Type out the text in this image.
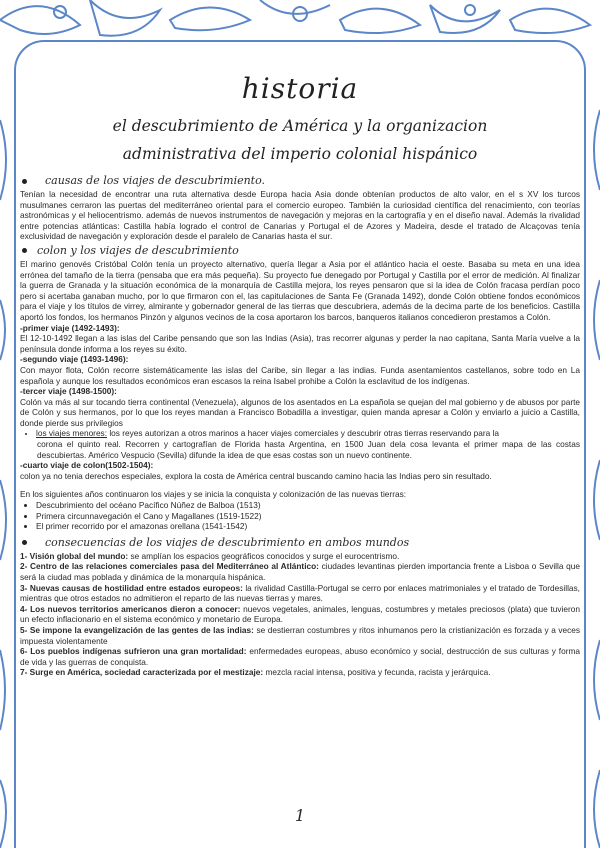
historia
el descubrimiento de América y la organizacion
administrativa del imperio colonial hispánico
causas de los viajes de descubrimiento.

Tenían la necesidad de encontrar una ruta alternativa desde Europa hacia Asia donde obtenían productos de alto valor, en el s XV los turcos musulmanes cerraron las puertas del mediterráneo oriental para el comercio europeo. También la curiosidad científica del renacimiento, con teorías astronómicas y el heliocentrismo. además de nuevos instrumentos de navegación y mejoras en la cartografía y en el diseño naval. Además la rivalidad entre potencias atlánticas: Castilla había logrado el control de Canarias y Portugal el de Azores y Madeira, desde el tratado de Alcaçovas tenía exclusividad de navegación y exploración desde el paralelo de Canarias hasta el sur.

colon y los viajes de descubrimiento

El marino genovés Cristóbal Colón tenía un proyecto alternativo, quería llegar a Asia por el atlántico hacia el oeste. Basaba su meta en una idea errónea del tamaño de la tierra (pensaba que era más pequeña). Su proyecto fue denegado por Portugal y Castilla por el error de medición. Al finalizar la guerra de Granada y la situación económica de la monarquía de Castilla mejora, los reyes pensaron que si la idea de Colón fracasa perdían poco pero si acertaba ganaban mucho, por lo que firmaron con el, las capitulaciones de Santa Fe (Granada 1492), donde Colón obtiene fondos económicos para el viaje y los títulos de virrey, almirante y gobernador general de las tierras que descubriera, además de la decima parte de los beneficios. Castilla aportó los fondos, los hermanos Pinzón y algunos vecinos de la cosa aportaron los barcos, banqueros italianos concedieron prestamos a Colón.

-primer viaje (1492-1493):

El 12-10-1492 llegan a las islas del Caribe pensando que son las Indias (Asia), tras recorrer algunas y perder la nao capitana, Santa María vuelve a la península donde informa a los reyes su éxito.

-segundo viaje (1493-1496):

Con mayor flota, Colón recorre sistemáticamente las islas del Caribe, sin llegar a las indias. Funda asentamientos castellanos, sobre todo en La española y aunque los resultados económicos eran escasos la reina Isabel prohibe a Colón la esclavitud de los indígenas.

-tercer viaje (1498-1500):

Colón va más al sur tocando tierra continental (Venezuela), algunos de los asentados en La española se quejan del mal gobierno y de abusos por parte de Colón y sus hermanos, por lo que los reyes mandan a Francisco Bobadilla a investigar, quien manda apresar a Colón y enviarlo a juicio a Castilla, donde pierde sus privilegios

• los viajes menores: los reyes autorizan a otros marinos a hacer viajes comerciales y descubrir otras tierras reservando para la

corona el quinto real. Recorren y cartografían de Florida hasta Argentina, en 1500 Juan dela cosa levanta el primer mapa de las costas descubiertas. Américo Vespucio (Sevilla) difunde la idea de que esas costas son un nuevo continente.

-cuarto viaje de colon(1502-1504):

colon ya no tenia derechos especiales, explora la costa de América central buscando camino hacia las Indias pero sin resultado.

En los siguientes años continuaron los viajes y se inicia la conquista y colonización de las nuevas tierras:

• Descubrimiento del océano Pacífico Núñez de Balboa (1513)
• Primera circunnavegación el Cano y Magallanes (1519-1522)
• El primer recorrido por el amazonas orellana (1541-1542)
consecuencias de los viajes de descubrimiento en ambos mundos

1- Visión global del mundo: se amplían los espacios geográficos conocidos y surge el eurocentrismo.

2- Centro de las relaciones comerciales pasa del Mediterráneo al Atlántico: ciudades levantinas pierden importancia frente a Lisboa o Sevilla que será la ciudad mas poblada y dinámica de la monarquía hispánica.

3- Nuevas causas de hostilidad entre estados europeos: la rivalidad Castilla-Portugal se cerro por enlaces matrimoniales y el tratado de Tordesillas, mientras que otros estados no admitieron el reparto de las nuevas tierras y mares.

4- Los nuevos territorios americanos dieron a conocer: nuevos vegetales, animales, lenguas, costumbres y metales preciosos (plata) que tuvieron un efecto inflacionario en el sistema económico y monetario de Europa.

5- Se impone la evangelización de las gentes de las indias: se destierran costumbres y ritos inhumanos pero la cristianización es forzada y a veces impuesta violentamente

6- Los pueblos indígenas sufrieron una gran mortalidad: enfermedades europeas, abuso económico y social, destrucción de sus culturas y forma de vida y las guerras de conquista.

7- Surge en América, sociedad caracterizada por el mestizaje: mezcla racial intensa, positiva y fecunda, racista y jerárquica.

1
